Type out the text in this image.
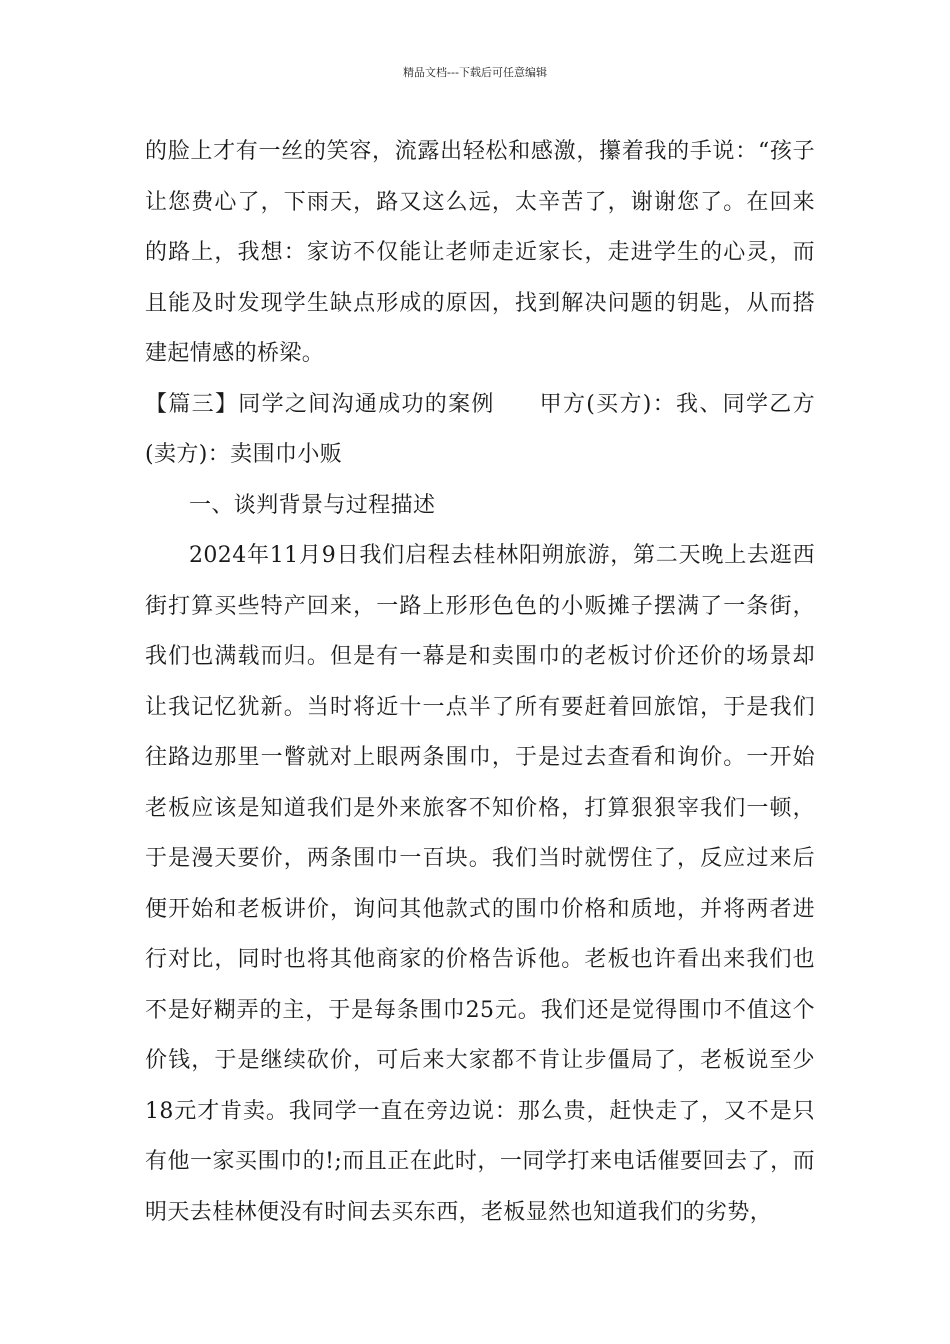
精品文档---下载后可任意编辑

的脸上才有一丝的笑容，流露出轻松和感激，攥着我的手说：“孩子让您费心了，下雨天，路又这么远，太辛苦了，谢谢您了。在回来的路上，我想：家访不仅能让老师走近家长，走进学生的心灵，而且能及时发现学生缺点形成的原因，找到解决问题的钥匙，从而搭建起情感的桥梁。

【篇三】同学之间沟通成功的案例 甲方(买方)：我、同学乙方(卖方)：卖围巾小贩

一、谈判背景与过程描述

2024年11月9日我们启程去桂林阳朔旅游，第二天晚上去逛西街打算买些特产回来，一路上形形色色的小贩摊子摆满了一条街，我们也满载而归。但是有一幕是和卖围巾的老板讨价还价的场景却让我记忆犹新。当时将近十一点半了所有要赶着回旅馆，于是我们往路边那里一瞥就对上眼两条围巾，于是过去查看和询价。一开始老板应该是知道我们是外来旅客不知价格，打算狠狠宰我们一顿，于是漫天要价，两条围巾一百块。我们当时就愣住了，反应过来后便开始和老板讲价，询问其他款式的围巾价格和质地，并将两者进行对比，同时也将其他商家的价格告诉他。老板也许看出来我们也不是好糊弄的主，于是每条围巾25元。我们还是觉得围巾不值这个价钱，于是继续砍价，可后来大家都不肯让步僵局了，老板说至少18元才肯卖。我同学一直在旁边说：那么贵，赶快走了，又不是只有他一家买围巾的!;而且正在此时，一同学打来电话催要回去了，而明天去桂林便没有时间去买东西，老板显然也知道我们的劣势，
